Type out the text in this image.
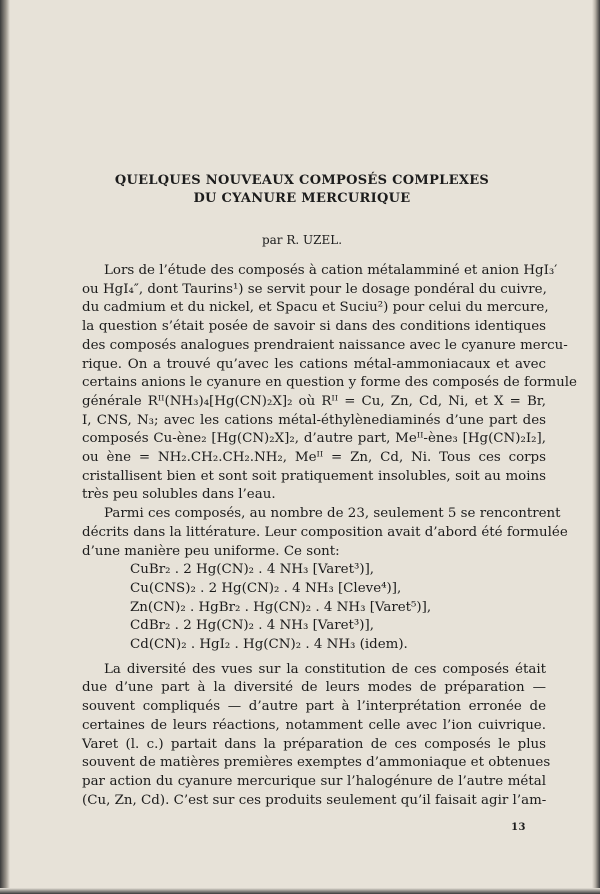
QUELQUES NOUVEAUX COMPOSÉS COMPLEXES
DU CYANURE MERCURIQUE

par R. UZEL.

Lors de l’étude des composés à cation métalamminé et anion HgI₃′
ou HgI₄″, dont Taurins¹) se servit pour le dosage pondéral du cuivre,
du cadmium et du nickel, et Spacu et Suciu²) pour celui du mercure,
la question s’était posée de savoir si dans des conditions identiques
des composés analogues prendraient naissance avec le cyanure mercu-
rique. On a trouvé qu’avec les cations métal-ammoniacaux et avec
certains anions le cyanure en question y forme des composés de formule
générale Rᴵᴵ(NH₃)₄[Hg(CN)₂X]₂ où Rᴵᴵ = Cu, Zn, Cd, Ni, et X = Br,
I, CNS, N₃; avec les cations métal-éthylènediaminés d’une part des
composés Cu-ène₂ [Hg(CN)₂X]₂, d’autre part, Meᴵᴵ-ène₃ [Hg(CN)₂I₂],
ou ène = NH₂.CH₂.CH₂.NH₂, Meᴵᴵ = Zn, Cd, Ni. Tous ces corps
cristallisent bien et sont soit pratiquement insolubles, soit au moins
très peu solubles dans l’eau.

Parmi ces composés, au nombre de 23, seulement 5 se rencontrent
décrits dans la littérature. Leur composition avait d’abord été formulée
d’une manière peu uniforme. Ce sont:

CuBr₂ . 2 Hg(CN)₂ . 4 NH₃ [Varet³)],
Cu(CNS)₂ . 2 Hg(CN)₂ . 4 NH₃ [Cleve⁴)],
Zn(CN)₂ . HgBr₂ . Hg(CN)₂ . 4 NH₃ [Varet⁵)],
CdBr₂ . 2 Hg(CN)₂ . 4 NH₃ [Varet³)],
Cd(CN)₂ . HgI₂ . Hg(CN)₂ . 4 NH₃ (idem).

La diversité des vues sur la constitution de ces composés était
due d’une part à la diversité de leurs modes de préparation —
souvent compliqués — d’autre part à l’interprétation erronée de
certaines de leurs réactions, notamment celle avec l’ion cuivrique.
Varet (l. c.) partait dans la préparation de ces composés le plus
souvent de matières premières exemptes d’ammoniaque et obtenues
par action du cyanure mercurique sur l’halogénure de l’autre métal
(Cu, Zn, Cd). C’est sur ces produits seulement qu’il faisait agir l’am-

13
